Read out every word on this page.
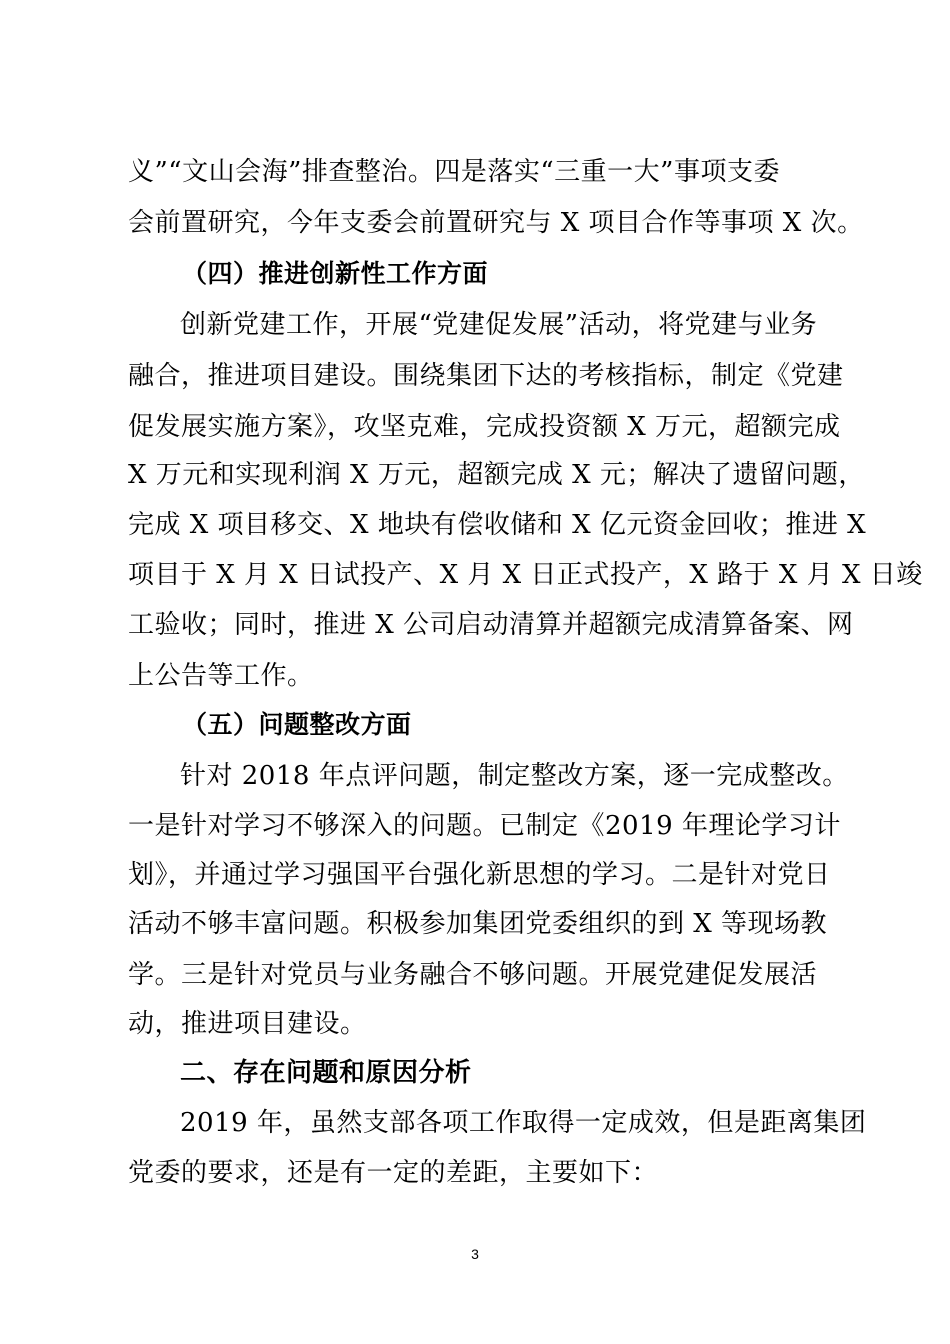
义”“文山会海”排查整治。四是落实“三重一大”事项支委
会前置研究，今年支委会前置研究与 X 项目合作等事项 X 次。
（四）推进创新性工作方面
创新党建工作，开展“党建促发展”活动，将党建与业务
融合，推进项目建设。围绕集团下达的考核指标，制定《党建
促发展实施方案》，攻坚克难，完成投资额 X 万元，超额完成
X 万元和实现利润 X 万元，超额完成 X 元；解决了遗留问题，
完成 X 项目移交、X 地块有偿收储和 X 亿元资金回收；推进 X
项目于 X 月 X 日试投产、X 月 X 日正式投产，X 路于 X 月 X 日竣
工验收；同时，推进 X 公司启动清算并超额完成清算备案、网
上公告等工作。
（五）问题整改方面
针对 2018 年点评问题，制定整改方案，逐一完成整改。
一是针对学习不够深入的问题。已制定《2019 年理论学习计
划》，并通过学习强国平台强化新思想的学习。二是针对党日
活动不够丰富问题。积极参加集团党委组织的到 X 等现场教
学。三是针对党员与业务融合不够问题。开展党建促发展活
动，推进项目建设。
二、存在问题和原因分析
2019 年，虽然支部各项工作取得一定成效，但是距离集团
党委的要求，还是有一定的差距，主要如下：
3
